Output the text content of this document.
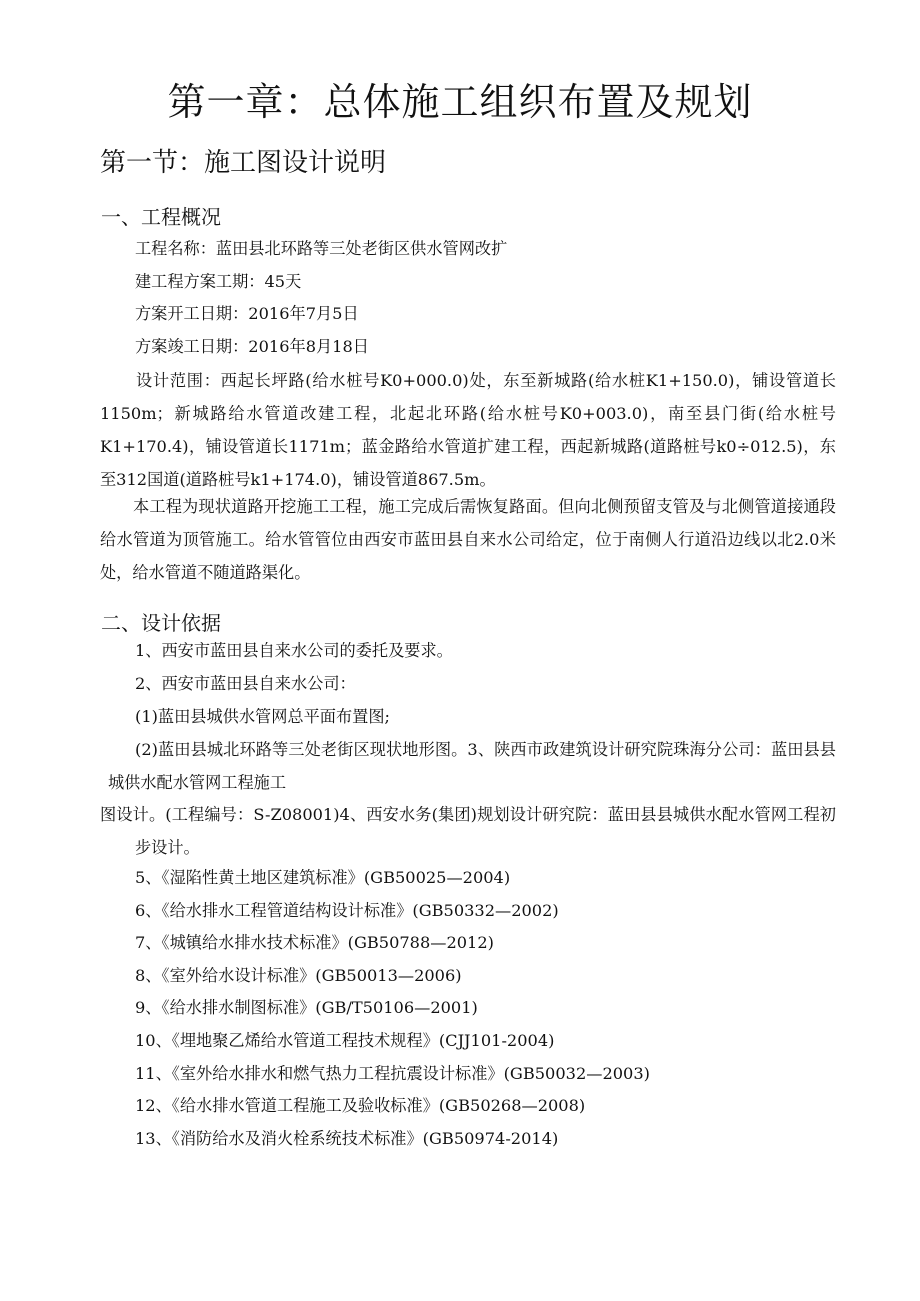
第一章：总体施工组织布置及规划
第一节：施工图设计说明
一、工程概况
工程名称：蓝田县北环路等三处老街区供水管网改扩
建工程方案工期：45天
方案开工日期：2016年7月5日
方案竣工日期：2016年8月18日
设计范围：西起长坪路(给水桩号K0+000.0)处，东至新城路(给水桩K1+150.0)，铺设管道长1150m；新城路给水管道改建工程，北起北环路(给水桩号K0+003.0)，南至县门街(给水桩号K1+170.4)，铺设管道长1171m；蓝金路给水管道扩建工程，西起新城路(道路桩号k0÷012.5)，东至312国道(道路桩号k1+174.0)，铺设管道867.5m。
本工程为现状道路开挖施工工程，施工完成后需恢复路面。但向北侧预留支管及与北侧管道接通段给水管道为顶管施工。给水管管位由西安市蓝田县自来水公司给定，位于南侧人行道沿边线以北2.0米处，给水管道不随道路渠化。
二、设计依据
1、西安市蓝田县自来水公司的委托及要求。
2、西安市蓝田县自来水公司：
(1)蓝田县城供水管网总平面布置图;
(2)蓝田县城北环路等三处老街区现状地形图。3、陕西市政建筑设计研究院珠海分公司：蓝田县县城供水配水管网工程施工
图设计。(工程编号：S-Z08001)4、西安水务(集团)规划设计研究院：蓝田县县城供水配水管网工程初步设计。
5、《湿陷性黄土地区建筑标准》(GB50025—2004)
6、《给水排水工程管道结构设计标准》(GB50332—2002)
7、《城镇给水排水技术标准》(GB50788—2012)
8、《室外给水设计标准》(GB50013—2006)
9、《给水排水制图标准》(GB/T50106—2001)
10、《埋地聚乙烯给水管道工程技术规程》(CJJ101-2004)
11、《室外给水排水和燃气热力工程抗震设计标准》(GB50032—2003)
12、《给水排水管道工程施工及验收标准》(GB50268—2008)
13、《消防给水及消火栓系统技术标准》(GB50974-2014)
